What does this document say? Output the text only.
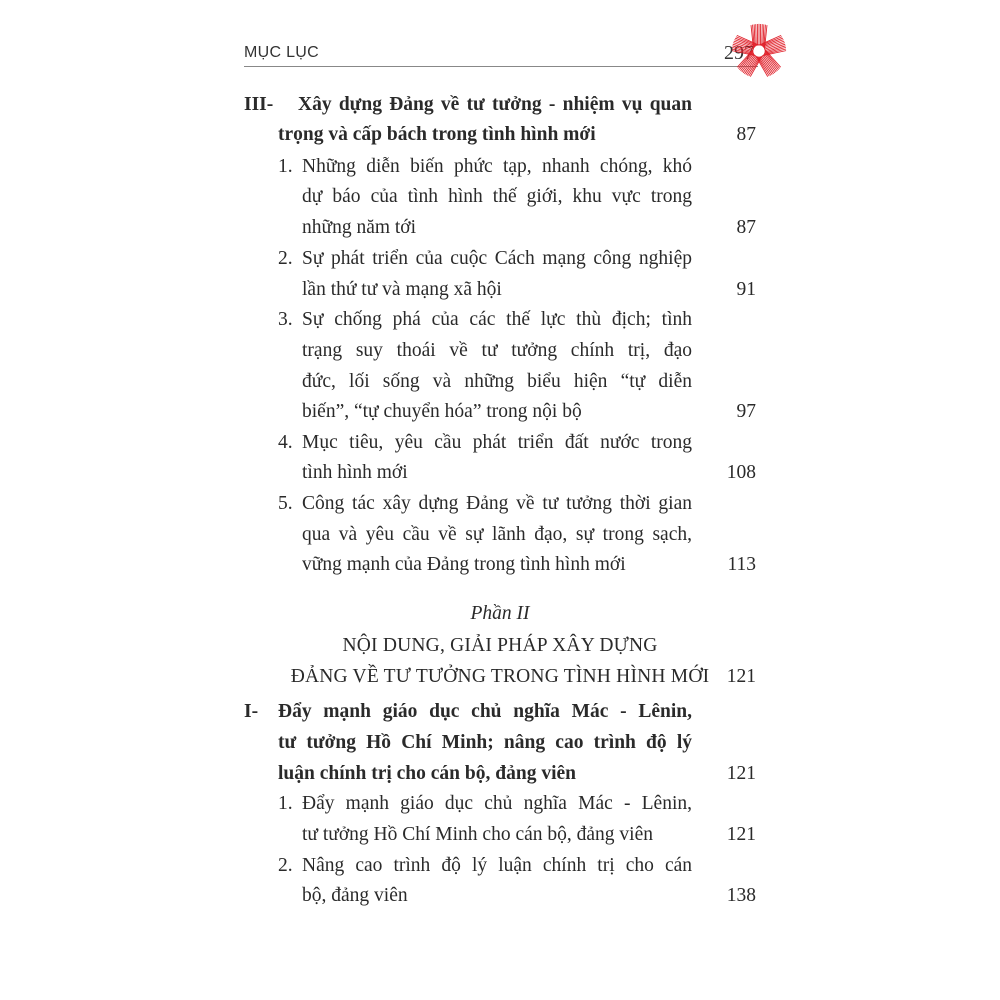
MỤC LỤC	297
III- Xây dựng Đảng về tư tưởng - nhiệm vụ quan
trọng và cấp bách trong tình hình mới	87
1. Những diễn biến phức tạp, nhanh chóng, khó
dự báo của tình hình thế giới, khu vực trong
những năm tới	87
2. Sự phát triển của cuộc Cách mạng công nghiệp
lần thứ tư và mạng xã hội	91
3. Sự chống phá của các thế lực thù địch; tình
trạng suy thoái về tư tưởng chính trị, đạo
đức, lối sống và những biểu hiện “tự diễn
biến”, “tự chuyển hóa” trong nội bộ	97
4. Mục tiêu, yêu cầu phát triển đất nước trong
tình hình mới	108
5. Công tác xây dựng Đảng về tư tưởng thời gian
qua và yêu cầu về sự lãnh đạo, sự trong sạch,
vững mạnh của Đảng trong tình hình mới	113
Phần II
NỘI DUNG, GIẢI PHÁP XÂY DỰNG
ĐẢNG VỀ TƯ TƯỞNG TRONG TÌNH HÌNH MỚI 121
I- Đẩy mạnh giáo dục chủ nghĩa Mác - Lênin,
tư tưởng Hồ Chí Minh; nâng cao trình độ lý
luận chính trị cho cán bộ, đảng viên	121
1. Đẩy mạnh giáo dục chủ nghĩa Mác - Lênin,
tư tưởng Hồ Chí Minh cho cán bộ, đảng viên	121
2. Nâng cao trình độ lý luận chính trị cho cán
bộ, đảng viên	138
